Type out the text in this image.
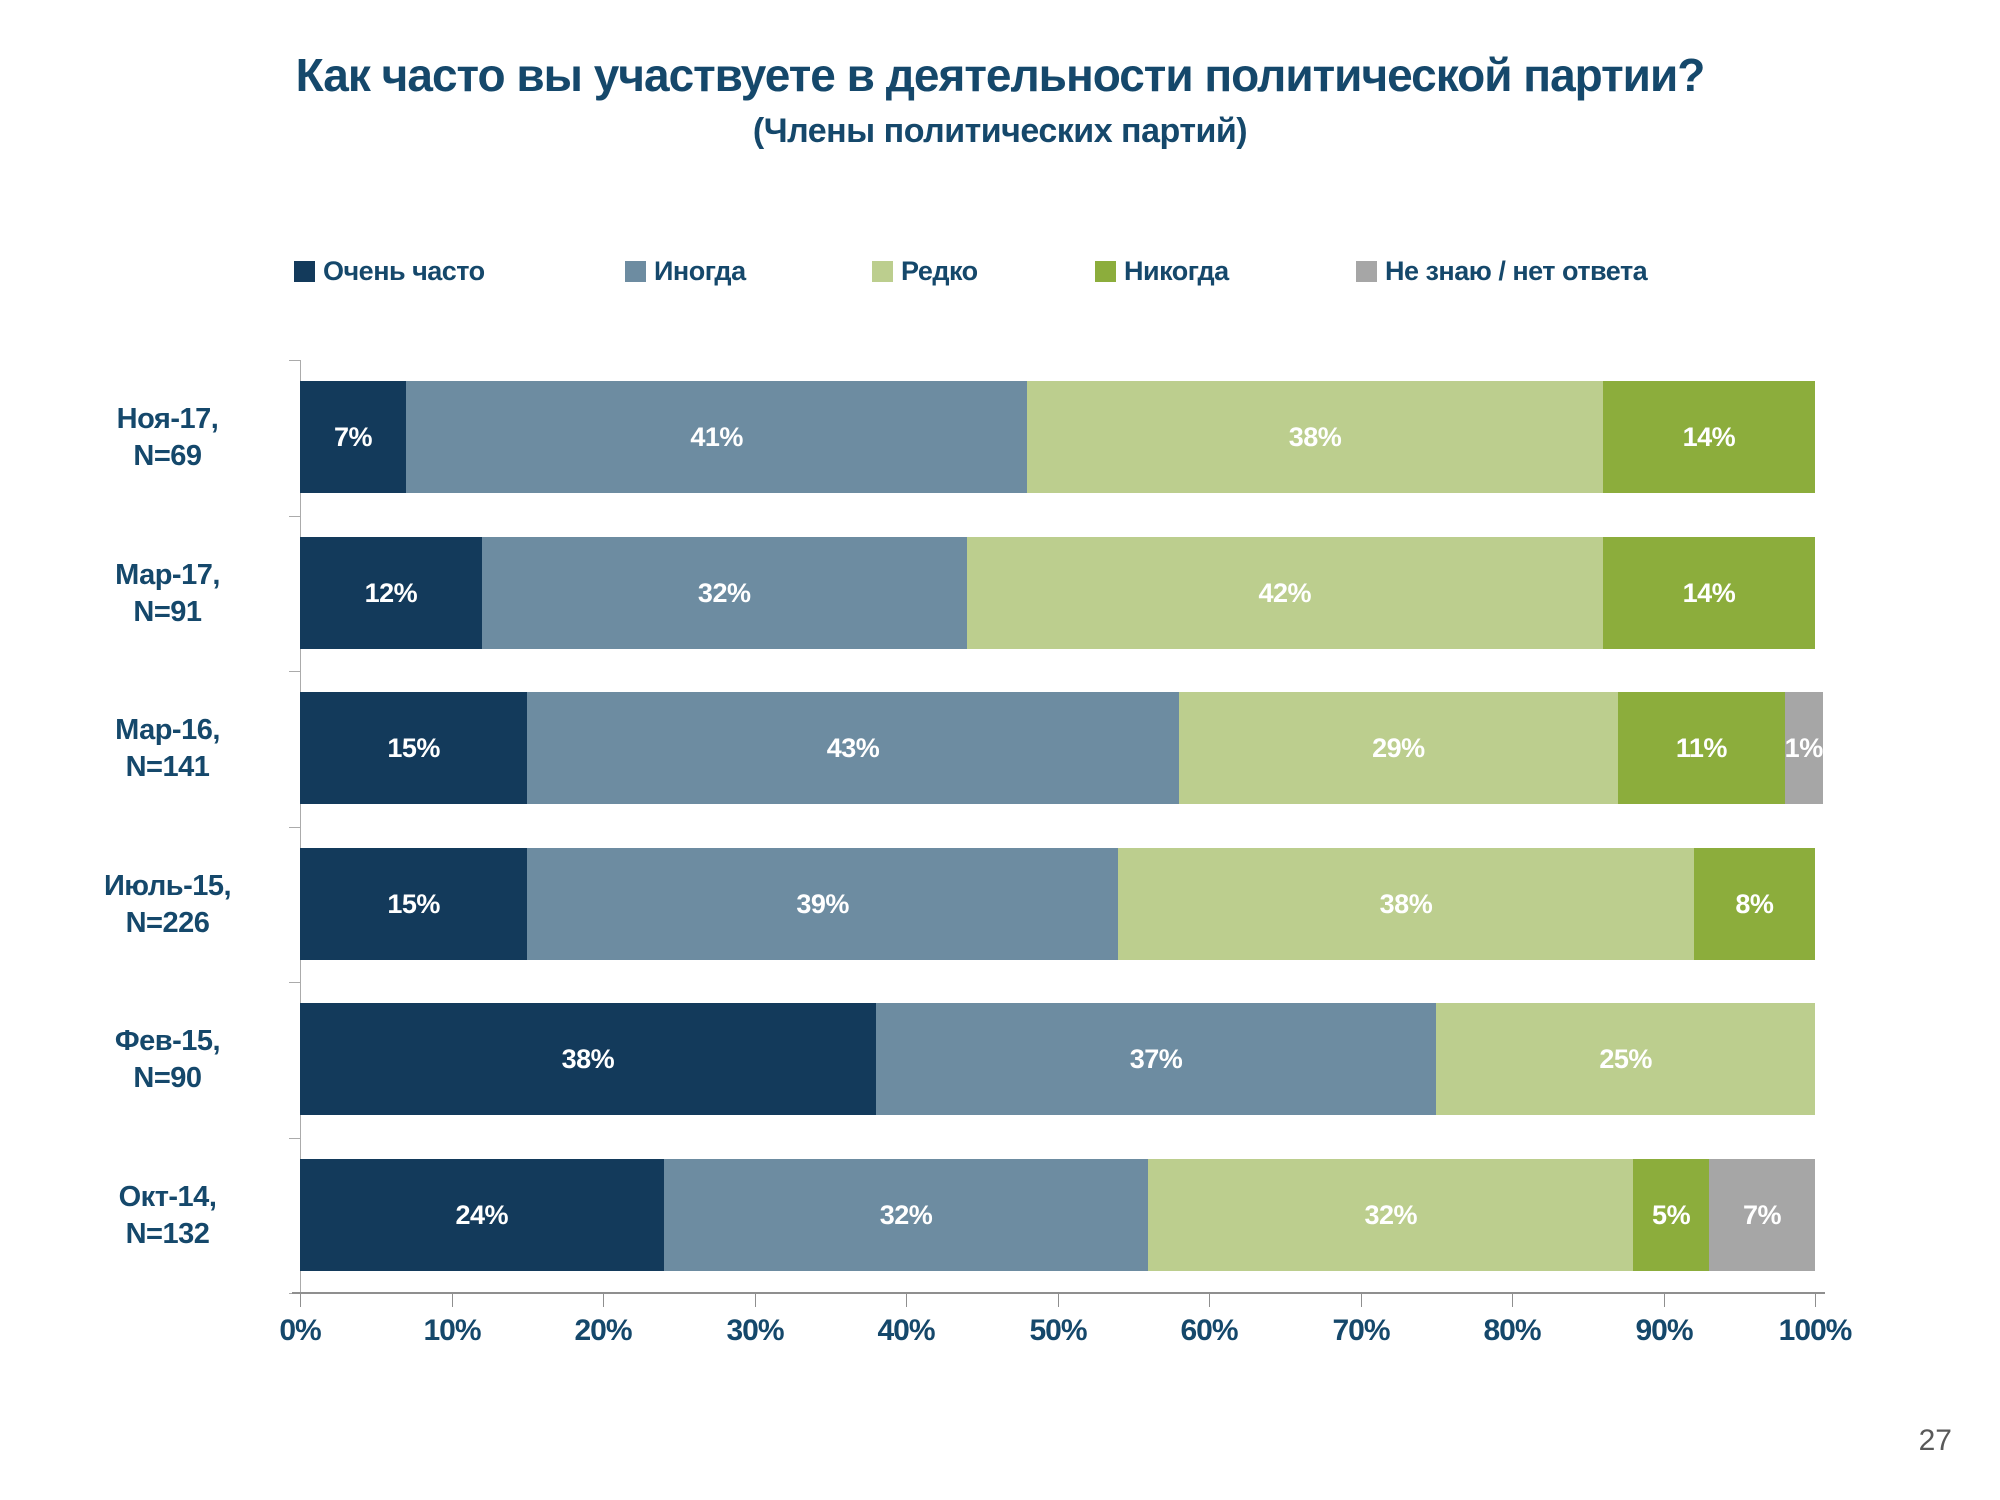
Как часто вы участвуете в деятельности политической партии?
(Члены политических партий)
Очень часто	Иногда	Редко	Никогда	Не знаю / нет ответа
Ноя-17,
N=69
7%	41%	38%	14%
Мар-17,
N=91
12%	32%	42%	14%
Мар-16,
N=141
15%	43%	29%	11% 1%
Июль-15,
N=226
15%	39%	38%	8%
Фев-15,
N=90
38%	37%	25%
Окт-14,
N=132
24%	32%	32%	5% 7%
0%	10%	20%	30%	40%	50%	60%	70%	80%	90%	100%
27
